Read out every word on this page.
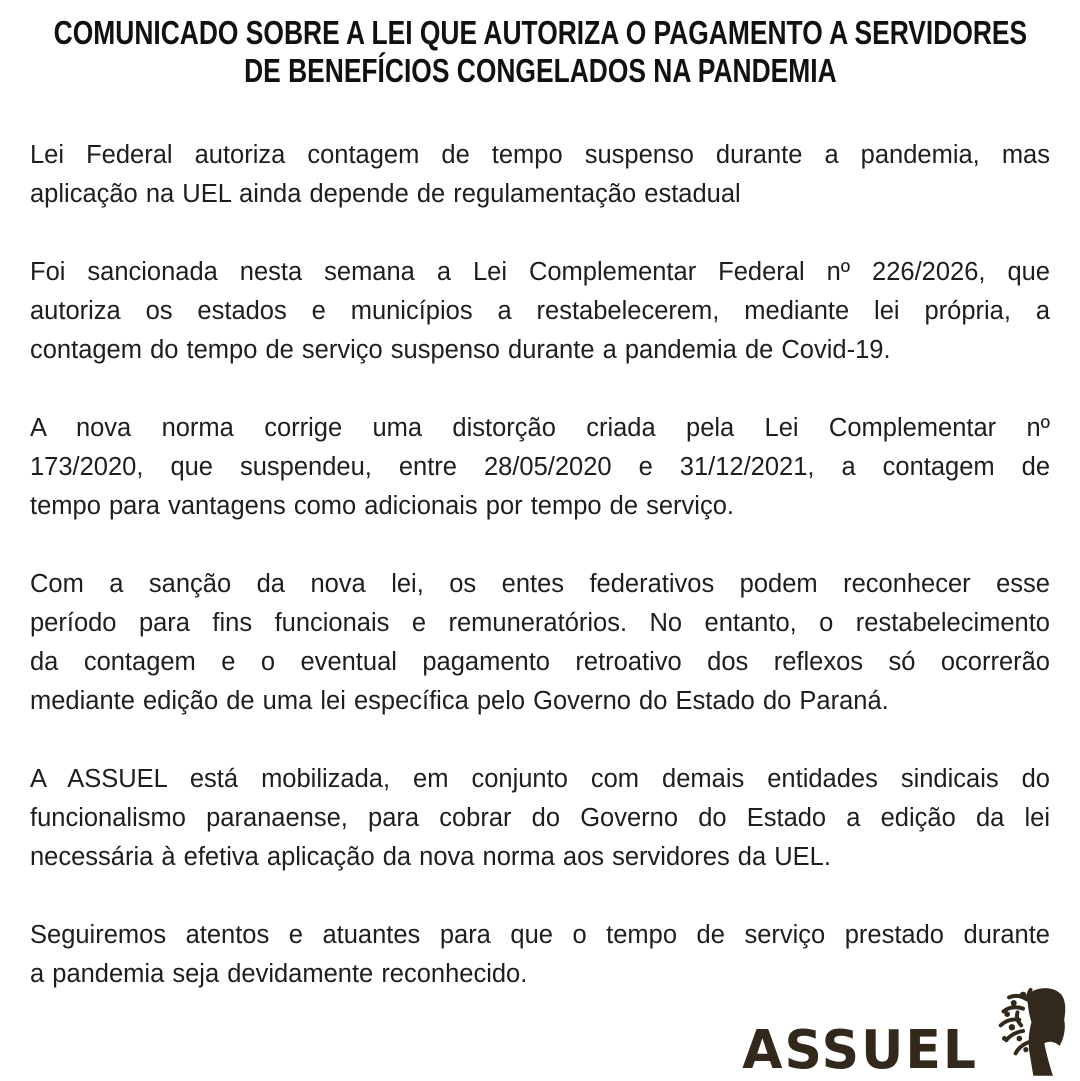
COMUNICADO SOBRE A LEI QUE AUTORIZA O PAGAMENTO A SERVIDORES
DE BENEFÍCIOS CONGELADOS NA PANDEMIA
Lei Federal autoriza contagem de tempo suspenso durante a pandemia, mas
aplicação na UEL ainda depende de regulamentação estadual
Foi sancionada nesta semana a Lei Complementar Federal nº 226/2026, que
autoriza os estados e municípios a restabelecerem, mediante lei própria, a
contagem do tempo de serviço suspenso durante a pandemia de Covid-19.
A nova norma corrige uma distorção criada pela Lei Complementar nº
173/2020, que suspendeu, entre 28/05/2020 e 31/12/2021, a contagem de
tempo para vantagens como adicionais por tempo de serviço.
Com a sanção da nova lei, os entes federativos podem reconhecer esse
período para fins funcionais e remuneratórios. No entanto, o restabelecimento
da contagem e o eventual pagamento retroativo dos reflexos só ocorrerão
mediante edição de uma lei específica pelo Governo do Estado do Paraná.
A ASSUEL está mobilizada, em conjunto com demais entidades sindicais do
funcionalismo paranaense, para cobrar do Governo do Estado a edição da lei
necessária à efetiva aplicação da nova norma aos servidores da UEL.
Seguiremos atentos e atuantes para que o tempo de serviço prestado durante
a pandemia seja devidamente reconhecido.
ASSUEL
